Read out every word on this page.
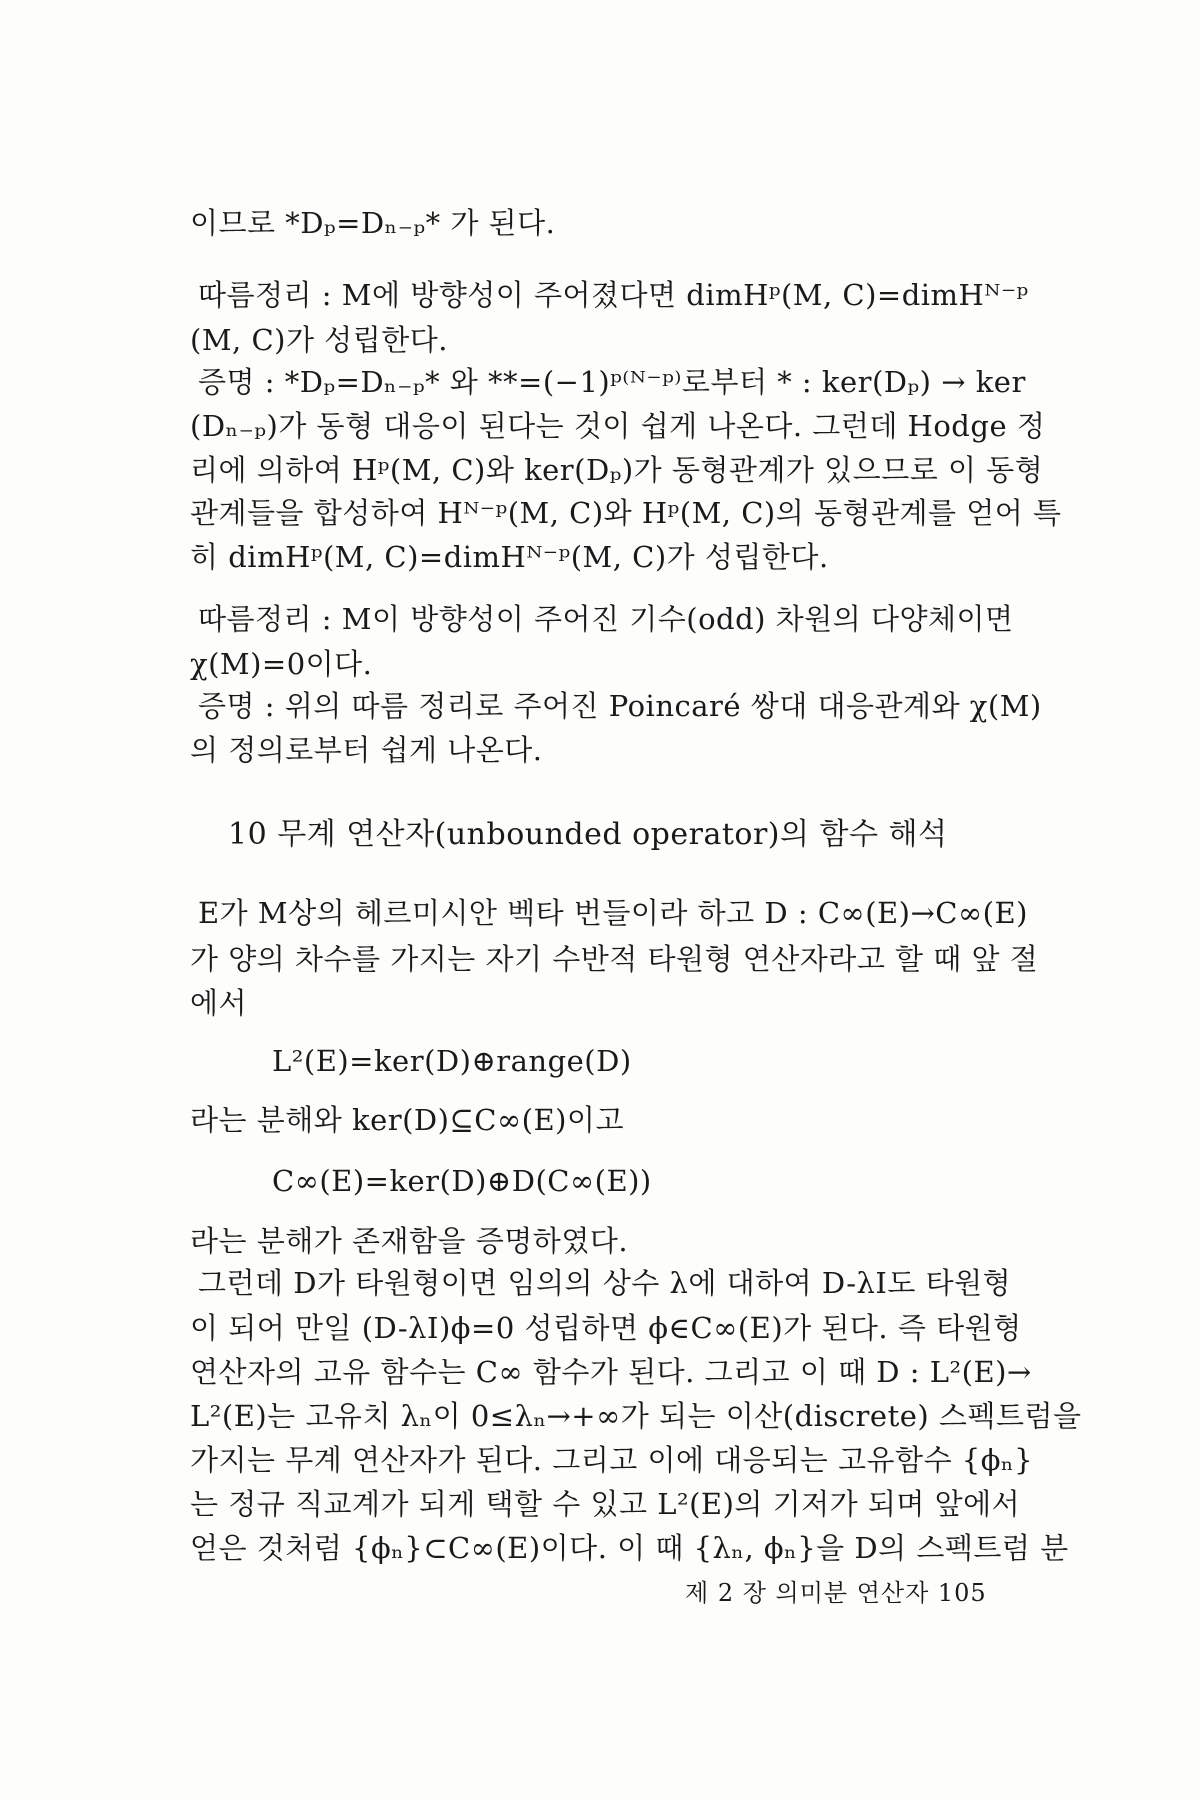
이므로 *Dₚ=Dₙ₋ₚ* 가 된다.
따름정리 : M에 방향성이 주어졌다면 dimHᵖ(M, C)=dimHᴺ⁻ᵖ
(M, C)가 성립한다.
증명 : *Dₚ=Dₙ₋ₚ* 와 **=(−1)ᵖ⁽ᴺ⁻ᵖ⁾로부터 * : ker(Dₚ) → ker
(Dₙ₋ₚ)가 동형 대응이 된다는 것이 쉽게 나온다. 그런데 Hodge 정
리에 의하여 Hᵖ(M, C)와 ker(Dₚ)가 동형관계가 있으므로 이 동형
관계들을 합성하여 Hᴺ⁻ᵖ(M, C)와 Hᵖ(M, C)의 동형관계를 얻어 특
히 dimHᵖ(M, C)=dimHᴺ⁻ᵖ(M, C)가 성립한다.
따름정리 : M이 방향성이 주어진 기수(odd) 차원의 다양체이면
χ(M)=0이다.
증명 : 위의 따름 정리로 주어진 Poincaré 쌍대 대응관계와 χ(M)
의 정의로부터 쉽게 나온다.
10 무계 연산자(unbounded operator)의 함수 해석
E가 M상의 헤르미시안 벡타 번들이라 하고 D : C∞(E)→C∞(E)
가 양의 차수를 가지는 자기 수반적 타원형 연산자라고 할 때 앞 절
에서
L²(E)=ker(D)⊕range(D)
라는 분해와 ker(D)⊆C∞(E)이고
C∞(E)=ker(D)⊕D(C∞(E))
라는 분해가 존재함을 증명하였다.
그런데 D가 타원형이면 임의의 상수 λ에 대하여 D-λI도 타원형
이 되어 만일 (D-λI)ϕ=0 성립하면 ϕ∈C∞(E)가 된다. 즉 타원형
연산자의 고유 함수는 C∞ 함수가 된다. 그리고 이 때 D : L²(E)→
L²(E)는 고유치 λₙ이 0≤λₙ→+∞가 되는 이산(discrete) 스펙트럼을
가지는 무계 연산자가 된다. 그리고 이에 대응되는 고유함수 {ϕₙ}
는 정규 직교계가 되게 택할 수 있고 L²(E)의 기저가 되며 앞에서
얻은 것처럼 {ϕₙ}⊂C∞(E)이다. 이 때 {λₙ, ϕₙ}을 D의 스펙트럼 분
제 2 장 의미분 연산자 105
